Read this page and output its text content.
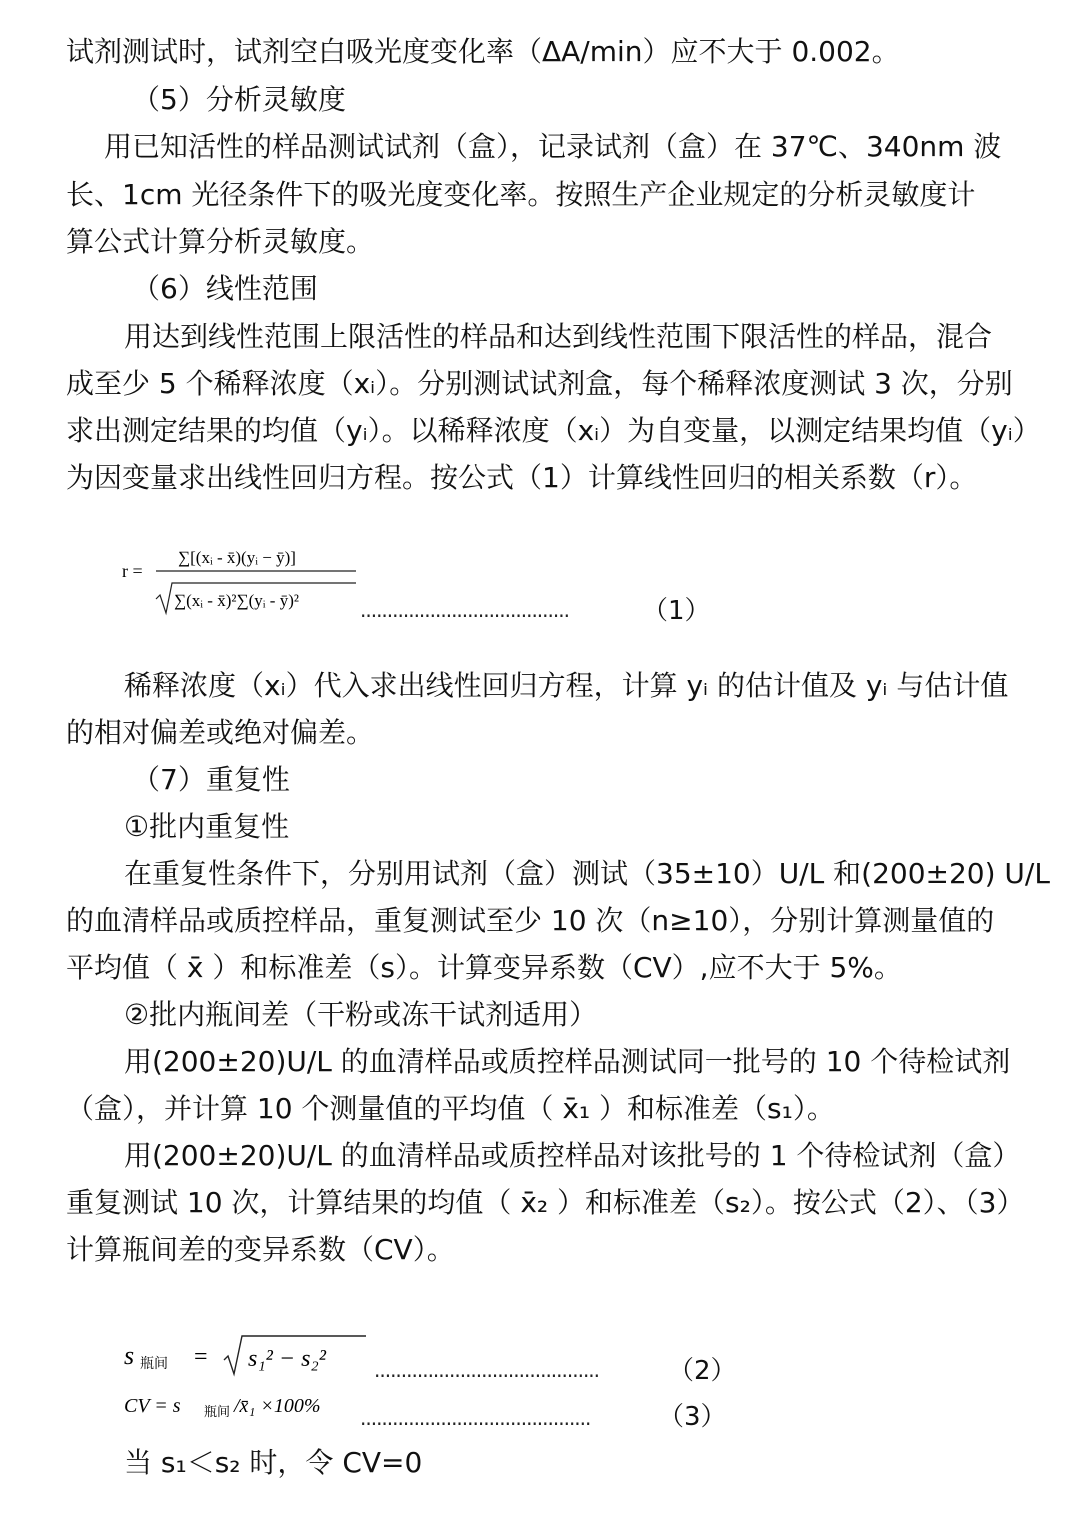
试剂测试时，试剂空白吸光度变化率（ΔA/min）应不大于 0.002。
（5）分析灵敏度
用已知活性的样品测试试剂（盒），记录试剂（盒）在 37℃、340nm 波
长、1cm 光径条件下的吸光度变化率。按照生产企业规定的分析灵敏度计
算公式计算分析灵敏度。
（6）线性范围
用达到线性范围上限活性的样品和达到线性范围下限活性的样品，混合
成至少 5 个稀释浓度（xᵢ）。分别测试试剂盒，每个稀释浓度测试 3 次，分别
求出测定结果的均值（yᵢ）。以稀释浓度（xᵢ）为自变量，以测定结果均值（yᵢ）
为因变量求出线性回归方程。按公式（1）计算线性回归的相关系数（r）。
r =
∑[(xᵢ - x̄)(yᵢ − ȳ)]
∑(xᵢ - x̄)²∑(yᵢ - ȳ)²	.......................................	（1）
稀释浓度（xᵢ）代入求出线性回归方程，计算 yᵢ 的估计值及 yᵢ 与估计值
的相对偏差或绝对偏差。
（7）重复性
①批内重复性
在重复性条件下，分别用试剂（盒）测试（35±10）U/L 和(200±20) U/L
的血清样品或质控样品，重复测试至少 10 次（n≥10），分别计算测量值的
平均值（ x̄ ）和标准差（s）。计算变异系数（CV）,应不大于 5%。
②批内瓶间差（干粉或冻干试剂适用）
用(200±20)U/L 的血清样品或质控样品测试同一批号的 10 个待检试剂
（盒），并计算 10 个测量值的平均值（ x̄₁ ）和标准差（s₁）。
用(200±20)U/L 的血清样品或质控样品对该批号的 1 个待检试剂（盒）
重复测试 10 次，计算结果的均值（ x̄₂ ）和标准差（s₂）。按公式（2）、（3）
计算瓶间差的变异系数（CV）。
s 瓶间 = s₁² − s₂² ..........................................	（2）
CV = s 瓶间 /x̄₁ ×100% ...........................................	（3）
当 s₁＜s₂ 时，令 CV=0
